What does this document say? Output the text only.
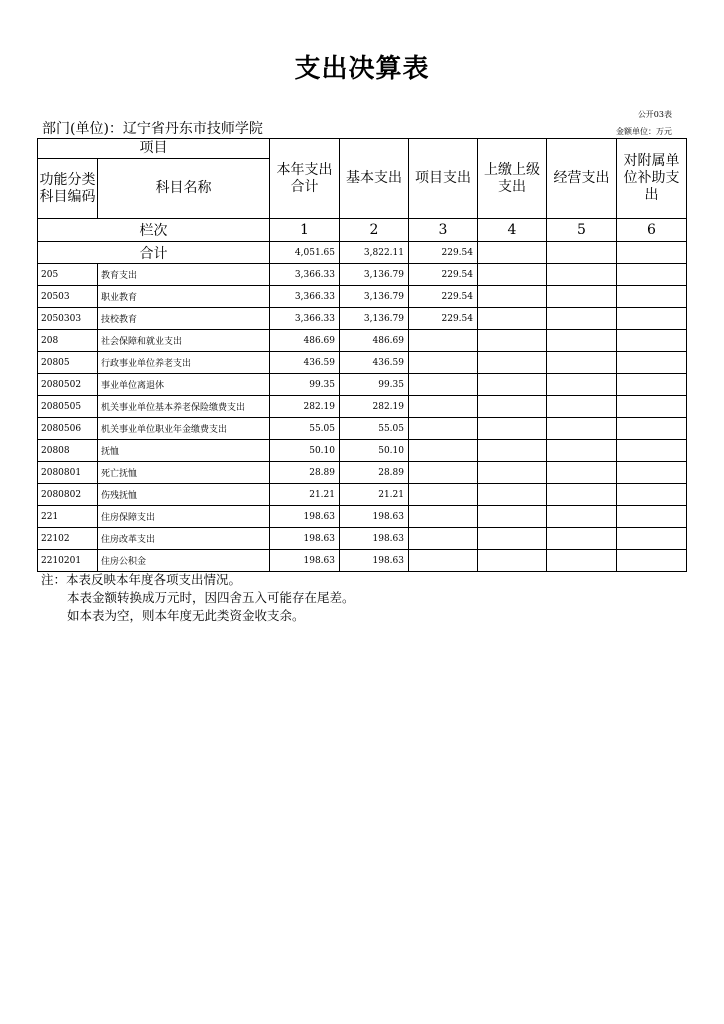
支出决算表
公开03表
金额单位：万元
部门(单位)：辽宁省丹东市技师学院
项目		本年支出合计	基本支出	项目支出	上缴上级支出	经营支出	对附属单位补助支出
功能分类科目编码	科目名称						
栏次		1	2	3	4	5	6
合计		4,051.65	3,822.11	229.54			
205	教育支出	3,366.33	3,136.79	229.54			
20503	职业教育	3,366.33	3,136.79	229.54			
2050303	技校教育	3,366.33	3,136.79	229.54			
208	社会保障和就业支出	486.69	486.69				
20805	行政事业单位养老支出	436.59	436.59				
2080502	事业单位离退休	99.35	99.35				
2080505	机关事业单位基本养老保险缴费支出	282.19	282.19				
2080506	机关事业单位职业年金缴费支出	55.05	55.05				
20808	抚恤	50.10	50.10				
2080801	死亡抚恤	28.89	28.89				
2080802	伤残抚恤	21.21	21.21				
221	住房保障支出	198.63	198.63				
22102	住房改革支出	198.63	198.63				
2210201	住房公积金	198.63	198.63				
注：本表反映本年度各项支出情况。
本表金额转换成万元时，因四舍五入可能存在尾差。
如本表为空，则本年度无此类资金收支余。
